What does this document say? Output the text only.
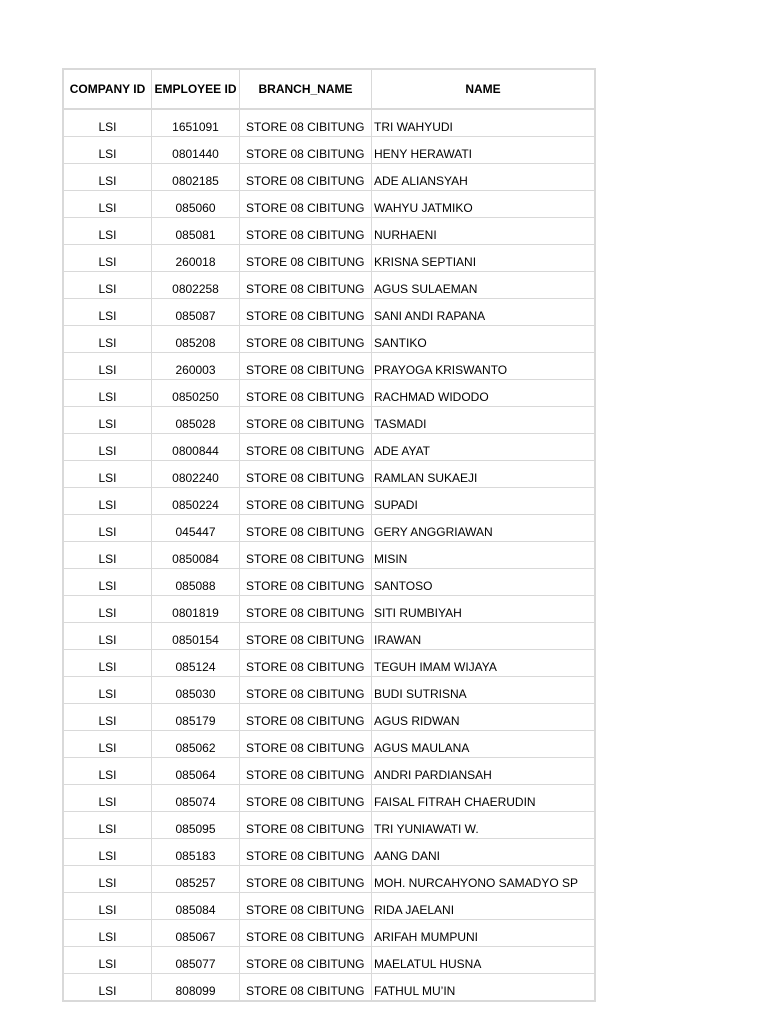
COMPANY ID	EMPLOYEE ID	BRANCH_NAME	NAME
LSI	1651091	STORE 08 CIBITUNG	TRI WAHYUDI
LSI	0801440	STORE 08 CIBITUNG	HENY HERAWATI
LSI	0802185	STORE 08 CIBITUNG	ADE ALIANSYAH
LSI	085060	STORE 08 CIBITUNG	WAHYU JATMIKO
LSI	085081	STORE 08 CIBITUNG	NURHAENI
LSI	260018	STORE 08 CIBITUNG	KRISNA SEPTIANI
LSI	0802258	STORE 08 CIBITUNG	AGUS SULAEMAN
LSI	085087	STORE 08 CIBITUNG	SANI ANDI RAPANA
LSI	085208	STORE 08 CIBITUNG	SANTIKO
LSI	260003	STORE 08 CIBITUNG	PRAYOGA KRISWANTO
LSI	0850250	STORE 08 CIBITUNG	RACHMAD WIDODO
LSI	085028	STORE 08 CIBITUNG	TASMADI
LSI	0800844	STORE 08 CIBITUNG	ADE AYAT
LSI	0802240	STORE 08 CIBITUNG	RAMLAN SUKAEJI
LSI	0850224	STORE 08 CIBITUNG	SUPADI
LSI	045447	STORE 08 CIBITUNG	GERY ANGGRIAWAN
LSI	0850084	STORE 08 CIBITUNG	MISIN
LSI	085088	STORE 08 CIBITUNG	SANTOSO
LSI	0801819	STORE 08 CIBITUNG	SITI RUMBIYAH
LSI	0850154	STORE 08 CIBITUNG	IRAWAN
LSI	085124	STORE 08 CIBITUNG	TEGUH IMAM WIJAYA
LSI	085030	STORE 08 CIBITUNG	BUDI SUTRISNA
LSI	085179	STORE 08 CIBITUNG	AGUS RIDWAN
LSI	085062	STORE 08 CIBITUNG	AGUS MAULANA
LSI	085064	STORE 08 CIBITUNG	ANDRI PARDIANSAH
LSI	085074	STORE 08 CIBITUNG	FAISAL FITRAH CHAERUDIN
LSI	085095	STORE 08 CIBITUNG	TRI YUNIAWATI W.
LSI	085183	STORE 08 CIBITUNG	AANG DANI
LSI	085257	STORE 08 CIBITUNG	MOH. NURCAHYONO SAMADYO SP
LSI	085084	STORE 08 CIBITUNG	RIDA JAELANI
LSI	085067	STORE 08 CIBITUNG	ARIFAH MUMPUNI
LSI	085077	STORE 08 CIBITUNG	MAELATUL HUSNA
LSI	808099	STORE 08 CIBITUNG	FATHUL MU’IN
